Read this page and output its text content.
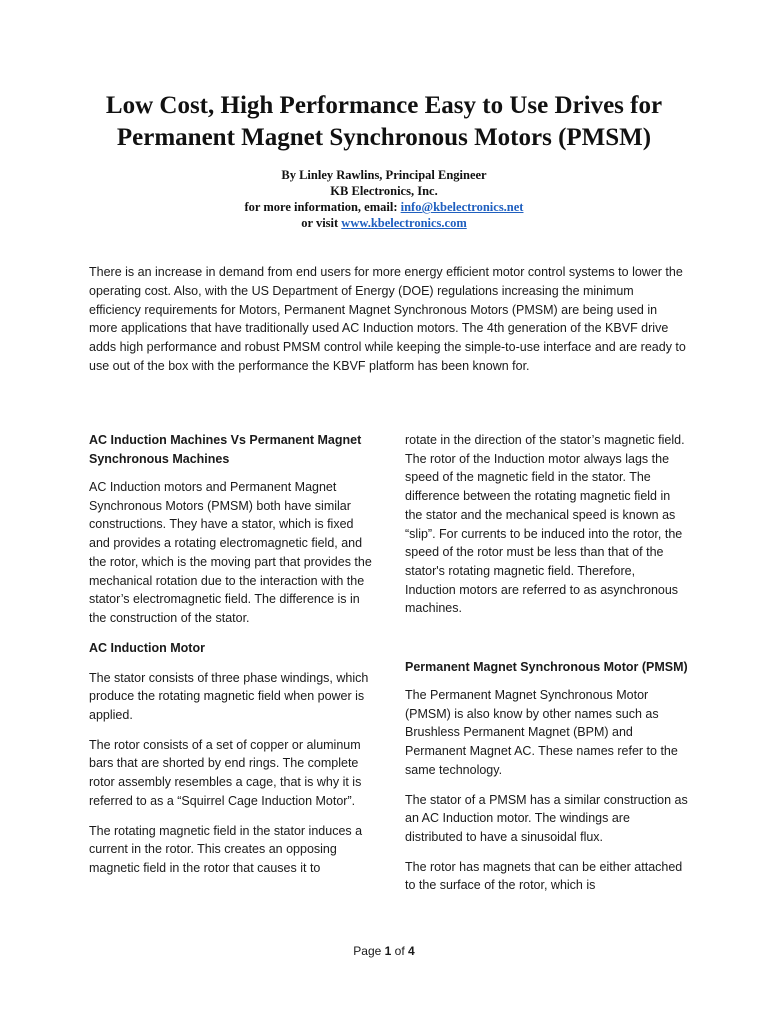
Low Cost, High Performance Easy to Use Drives for
Permanent Magnet Synchronous Motors (PMSM)
By Linley Rawlins, Principal Engineer
KB Electronics, Inc.
for more information, email: info@kbelectronics.net
or visit www.kbelectronics.com

There is an increase in demand from end users for more energy efficient motor control systems to lower the operating cost. Also, with the US Department of Energy (DOE) regulations increasing the minimum efficiency requirements for Motors, Permanent Magnet Synchronous Motors (PMSM) are being used in more applications that have traditionally used AC Induction motors. The 4th generation of the KBVF drive adds high performance and robust PMSM control while keeping the simple-to-use interface and are ready to use out of the box with the performance the KBVF platform has been known for.

AC Induction Machines Vs Permanent Magnet Synchronous Machines

AC Induction motors and Permanent Magnet Synchronous Motors (PMSM) both have similar constructions. They have a stator, which is fixed and provides a rotating electromagnetic field, and the rotor, which is the moving part that provides the mechanical rotation due to the interaction with the stator’s electromagnetic field. The difference is in the construction of the stator.

AC Induction Motor

The stator consists of three phase windings, which produce the rotating magnetic field when power is applied.

The rotor consists of a set of copper or aluminum bars that are shorted by end rings. The complete rotor assembly resembles a cage, that is why it is referred to as a “Squirrel Cage Induction Motor”.

The rotating magnetic field in the stator induces a current in the rotor. This creates an opposing magnetic field in the rotor that causes it to

rotate in the direction of the stator’s magnetic field. The rotor of the Induction motor always lags the speed of the magnetic field in the stator. The difference between the rotating magnetic field in the stator and the mechanical speed is known as “slip”. For currents to be induced into the rotor, the speed of the rotor must be less than that of the stator's rotating magnetic field. Therefore, Induction motors are referred to as asynchronous machines.

Permanent Magnet Synchronous Motor (PMSM)

The Permanent Magnet Synchronous Motor (PMSM) is also know by other names such as Brushless Permanent Magnet (BPM) and Permanent Magnet AC. These names refer to the same technology.

The stator of a PMSM has a similar construction as an AC Induction motor. The windings are distributed to have a sinusoidal flux.

The rotor has magnets that can be either attached to the surface of the rotor, which is

Page 1 of 4
